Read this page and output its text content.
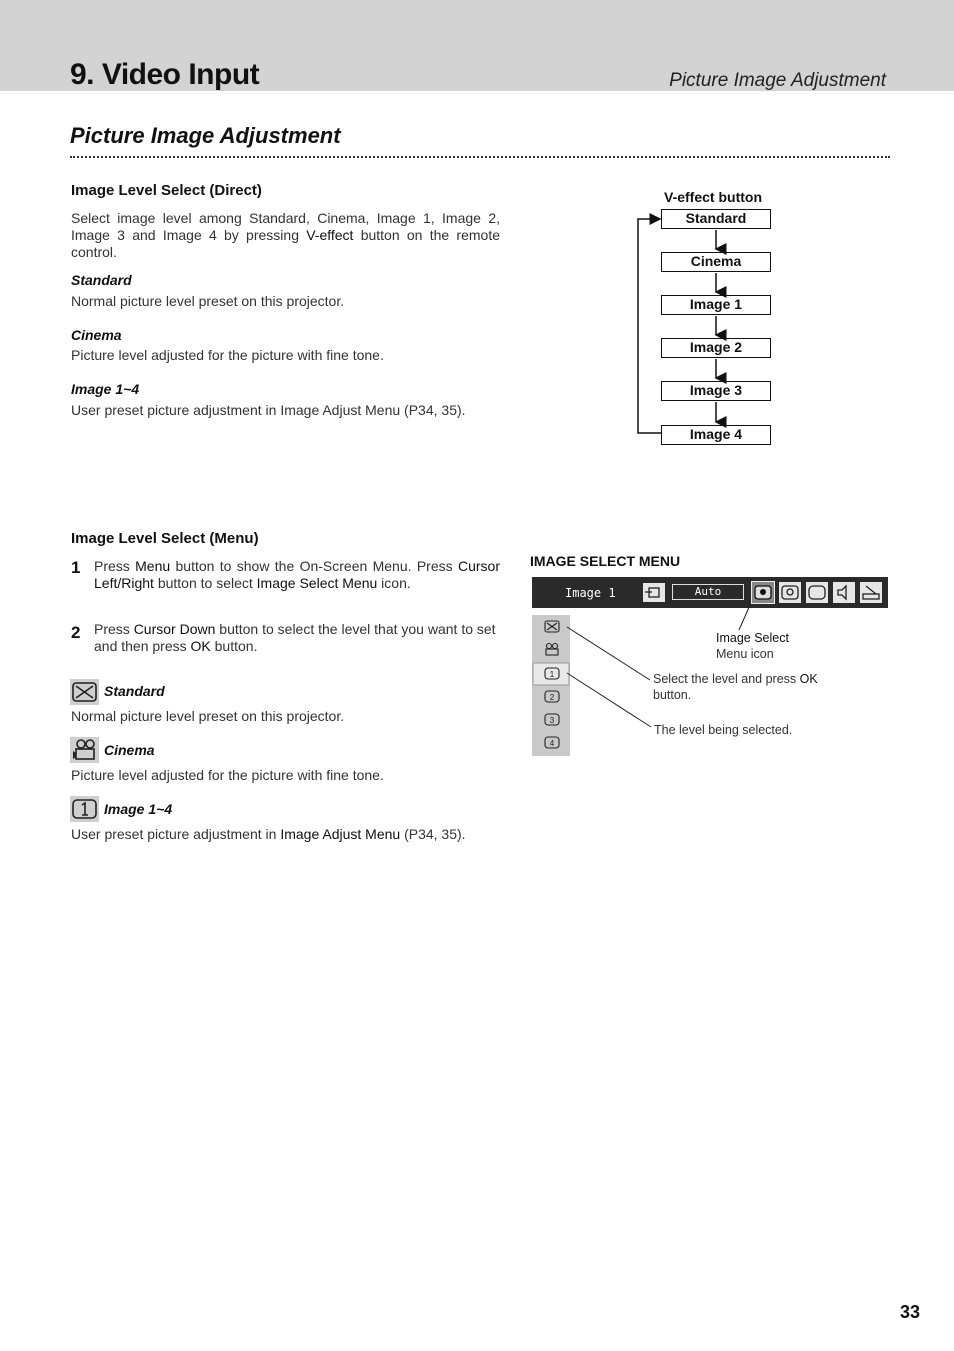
9. Video Input	Picture Image Adjustment
Picture Image Adjustment
Image Level Select (Direct)
Select image level among Standard, Cinema, Image 1, Image 2, Image 3 and Image 4 by pressing V-effect button on the remote control.
Standard
Normal picture level preset on this projector.
Cinema
Picture level adjusted for the picture with fine tone.
Image 1~4
User preset picture adjustment in Image Adjust Menu (P34, 35).
V-effect button
Standard
Cinema
Image 1
Image 2
Image 3
Image 4
Image Level Select (Menu)
1 Press Menu button to show the On-Screen Menu. Press Cursor Left/Right button to select Image Select Menu icon.
2 Press Cursor Down button to select the level that you want to set and then press OK button.
Standard
Normal picture level preset on this projector.
Cinema
Picture level adjusted for the picture with fine tone.
Image 1~4
User preset picture adjustment in Image Adjust Menu (P34, 35).
IMAGE SELECT MENU
Image 1	Auto
1
2
3
4
Image Select
Menu icon
Select the level and press OK
button.
The level being selected.
33
